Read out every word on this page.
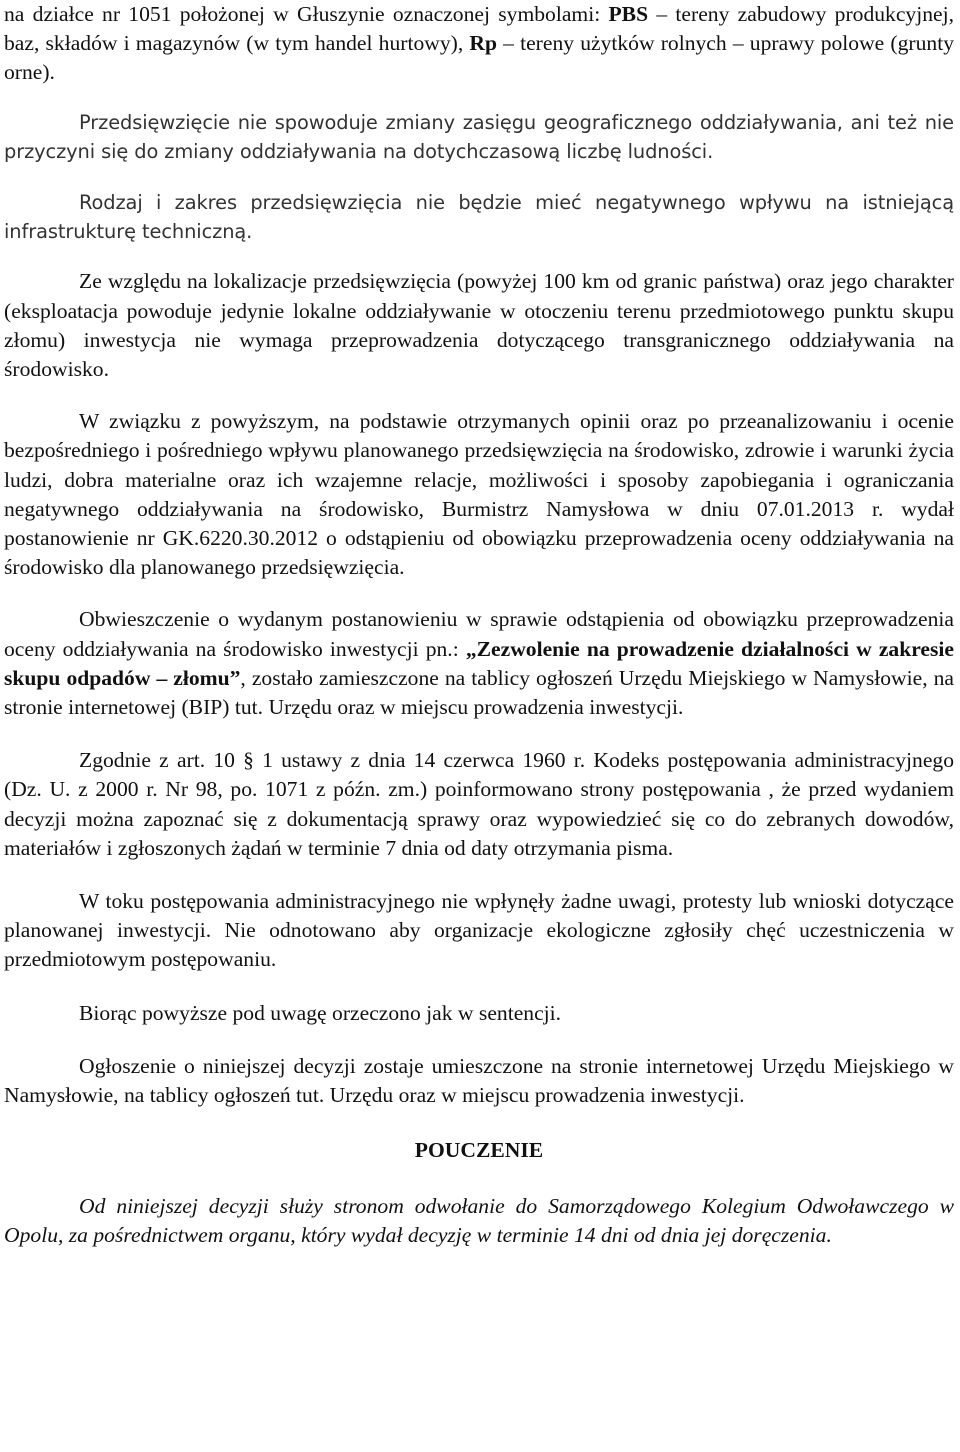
na działce nr 1051 położonej w Głuszynie oznaczonej symbolami: PBS – tereny zabudowy produkcyjnej, baz, składów i magazynów (w tym handel hurtowy), Rp – tereny użytków rolnych – uprawy polowe (grunty orne).

Przedsięwzięcie nie spowoduje zmiany zasięgu geograficznego oddziaływania, ani też nie przyczyni się do zmiany oddziaływania na dotychczasową liczbę ludności.

Rodzaj i zakres przedsięwzięcia nie będzie mieć negatywnego wpływu na istniejącą infrastrukturę techniczną.

Ze względu na lokalizacje przedsięwzięcia (powyżej 100 km od granic państwa) oraz jego charakter (eksploatacja powoduje jedynie lokalne oddziaływanie w otoczeniu terenu przedmiotowego punktu skupu złomu) inwestycja nie wymaga przeprowadzenia dotyczącego transgranicznego oddziaływania na środowisko.

W związku z powyższym, na podstawie otrzymanych opinii oraz po przeanalizowaniu i ocenie bezpośredniego i pośredniego wpływu planowanego przedsięwzięcia na środowisko, zdrowie i warunki życia ludzi, dobra materialne oraz ich wzajemne relacje, możliwości i sposoby zapobiegania i ograniczania negatywnego oddziaływania na środowisko, Burmistrz Namysłowa w dniu 07.01.2013 r. wydał postanowienie nr GK.6220.30.2012 o odstąpieniu od obowiązku przeprowadzenia oceny oddziaływania na środowisko dla planowanego przedsięwzięcia.

Obwieszczenie o wydanym postanowieniu w sprawie odstąpienia od obowiązku przeprowadzenia oceny oddziaływania na środowisko inwestycji pn.: „Zezwolenie na prowadzenie działalności w zakresie skupu odpadów – złomu”, zostało zamieszczone na tablicy ogłoszeń Urzędu Miejskiego w Namysłowie, na stronie internetowej (BIP) tut. Urzędu oraz w miejscu prowadzenia inwestycji.

Zgodnie z art. 10 § 1 ustawy z dnia 14 czerwca 1960 r. Kodeks postępowania administracyjnego (Dz. U. z 2000 r. Nr 98, po. 1071 z późn. zm.) poinformowano strony postępowania , że przed wydaniem decyzji można zapoznać się z dokumentacją sprawy oraz wypowiedzieć się co do zebranych dowodów, materiałów i zgłoszonych żądań w terminie 7 dnia od daty otrzymania pisma.

W toku postępowania administracyjnego nie wpłynęły żadne uwagi, protesty lub wnioski dotyczące planowanej inwestycji. Nie odnotowano aby organizacje ekologiczne zgłosiły chęć uczestniczenia w przedmiotowym postępowaniu.

Biorąc powyższe pod uwagę orzeczono jak w sentencji.

Ogłoszenie o niniejszej decyzji zostaje umieszczone na stronie internetowej Urzędu Miejskiego w Namysłowie, na tablicy ogłoszeń tut. Urzędu oraz w miejscu prowadzenia inwestycji.

POUCZENIE

Od niniejszej decyzji służy stronom odwołanie do Samorządowego Kolegium Odwoławczego w Opolu, za pośrednictwem organu, który wydał decyzję w terminie 14 dni od dnia jej doręczenia.
